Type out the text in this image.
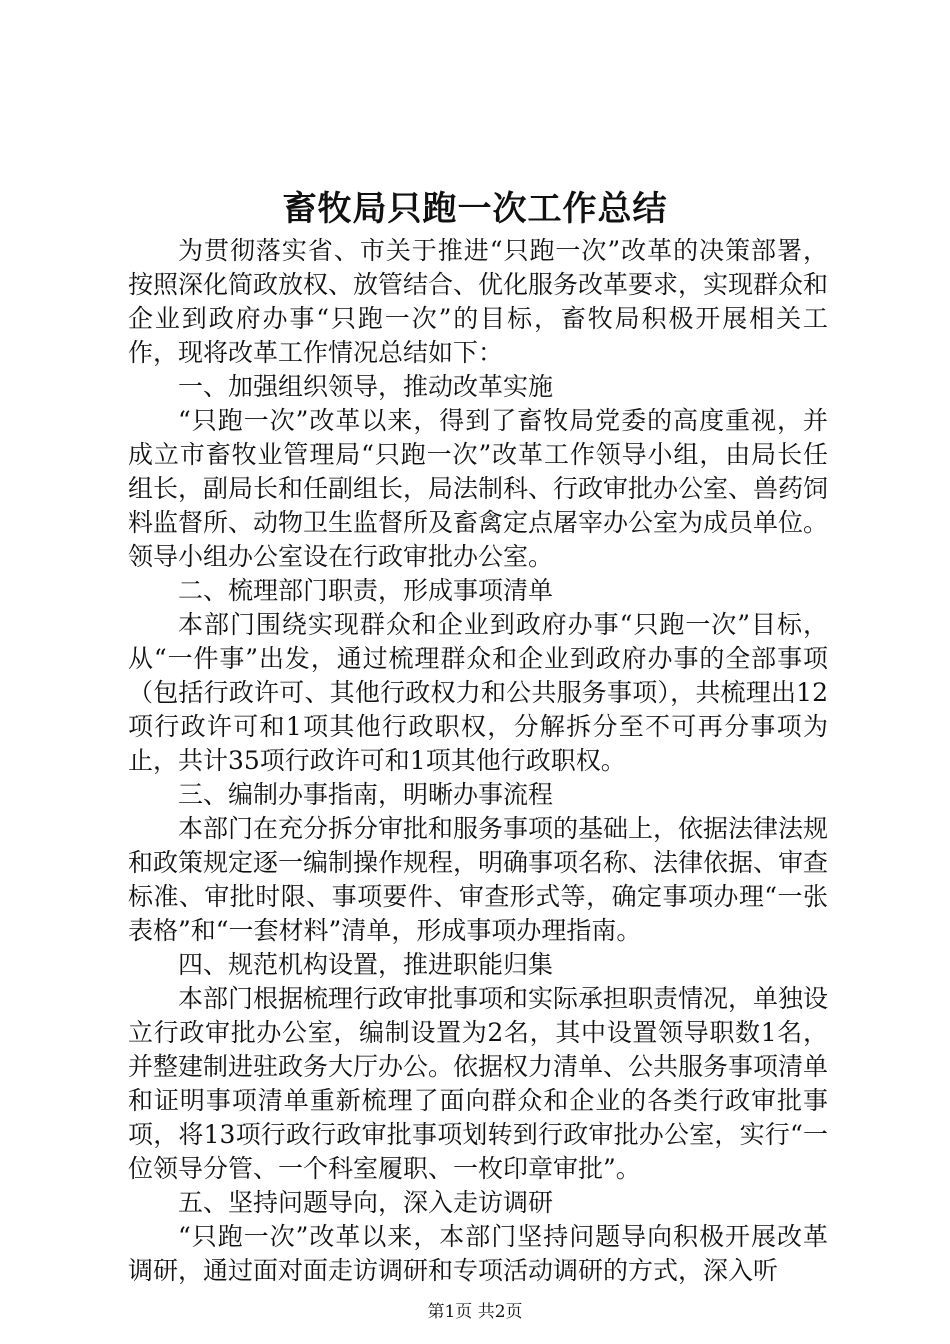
畜牧局只跑一次工作总结

为贯彻落实省、市关于推进“只跑一次”改革的决策部署，按照深化简政放权、放管结合、优化服务改革要求，实现群众和企业到政府办事“只跑一次”的目标，畜牧局积极开展相关工作，现将改革工作情况总结如下：

一、加强组织领导，推动改革实施

“只跑一次”改革以来，得到了畜牧局党委的高度重视，并成立市畜牧业管理局“只跑一次”改革工作领导小组，由局长任组长，副局长和任副组长，局法制科、行政审批办公室、兽药饲料监督所、动物卫生监督所及畜禽定点屠宰办公室为成员单位。领导小组办公室设在行政审批办公室。

二、梳理部门职责，形成事项清单

本部门围绕实现群众和企业到政府办事“只跑一次”目标，从“一件事”出发，通过梳理群众和企业到政府办事的全部事项（包括行政许可、其他行政权力和公共服务事项），共梳理出12项行政许可和1项其他行政职权，分解拆分至不可再分事项为止，共计35项行政许可和1项其他行政职权。

三、编制办事指南，明晰办事流程

本部门在充分拆分审批和服务事项的基础上，依据法律法规和政策规定逐一编制操作规程，明确事项名称、法律依据、审查标准、审批时限、事项要件、审查形式等，确定事项办理“一张表格”和“一套材料”清单，形成事项办理指南。

四、规范机构设置，推进职能归集

本部门根据梳理行政审批事项和实际承担职责情况，单独设立行政审批办公室，编制设置为2名，其中设置领导职数1名，并整建制进驻政务大厅办公。依据权力清单、公共服务事项清单和证明事项清单重新梳理了面向群众和企业的各类行政审批事项，将13项行政行政审批事项划转到行政审批办公室，实行“一位领导分管、一个科室履职、一枚印章审批”。

五、坚持问题导向，深入走访调研

“只跑一次”改革以来，本部门坚持问题导向积极开展改革调研，通过面对面走访调研和专项活动调研的方式，深入听

第1页 共2页
